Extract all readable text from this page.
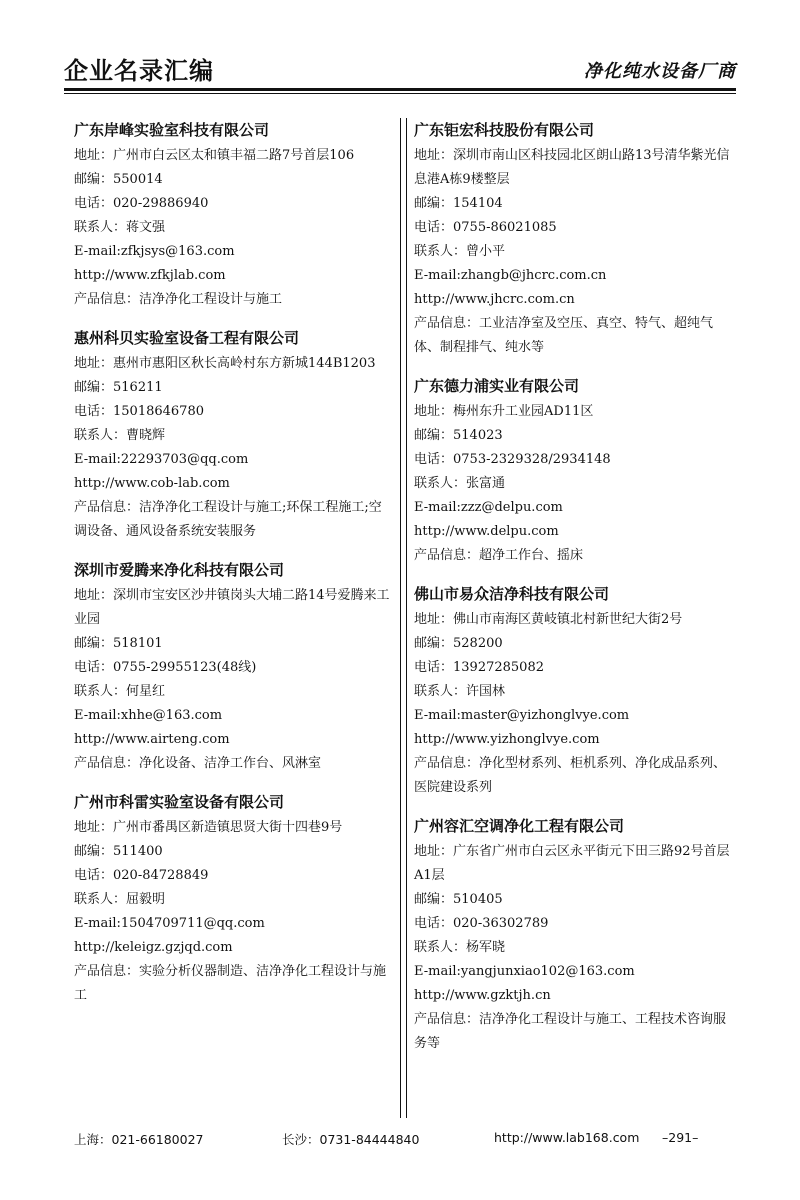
企业名录汇编	净化纯水设备厂商
广东岸峰实验室科技有限公司
地址：广州市白云区太和镇丰福二路7号首层106
邮编：550014
电话：020-29886940
联系人：蒋文强
E-mail:zfkjsys@163.com
http://www.zfkjlab.com
产品信息：洁净净化工程设计与施工
惠州科贝实验室设备工程有限公司
地址：惠州市惠阳区秋长高岭村东方新城144B1203
邮编：516211
电话：15018646780
联系人：曹晓辉
E-mail:22293703@qq.com
http://www.cob-lab.com
产品信息：洁净净化工程设计与施工;环保工程施工;空调设备、通风设备系统安装服务
深圳市爱腾来净化科技有限公司
地址：深圳市宝安区沙井镇岗头大埔二路14号爱腾来工业园
邮编：518101
电话：0755-29955123(48线)
联系人：何星红
E-mail:xhhe@163.com
http://www.airteng.com
产品信息：净化设备、洁净工作台、风淋室
广州市科雷实验室设备有限公司
地址：广州市番禺区新造镇思贤大街十四巷9号
邮编：511400
电话：020-84728849
联系人：屈毅明
E-mail:1504709711@qq.com
http://keleigz.gzjqd.com
产品信息：实验分析仪器制造、洁净净化工程设计与施工
广东钜宏科技股份有限公司
地址：深圳市南山区科技园北区朗山路13号清华紫光信息港A栋9楼整层
邮编：154104
电话：0755-86021085
联系人：曾小平
E-mail:zhangb@jhcrc.com.cn
http://www.jhcrc.com.cn
产品信息：工业洁净室及空压、真空、特气、超纯气体、制程排气、纯水等
广东德力浦实业有限公司
地址：梅州东升工业园AD11区
邮编：514023
电话：0753-2329328/2934148
联系人：张富通
E-mail:zzz@delpu.com
http://www.delpu.com
产品信息：超净工作台、摇床
佛山市易众洁净科技有限公司
地址：佛山市南海区黄岐镇北村新世纪大街2号
邮编：528200
电话：13927285082
联系人：许国林
E-mail:master@yizhonglvye.com
http://www.yizhonglvye.com
产品信息：净化型材系列、柜机系列、净化成品系列、医院建设系列
广州容汇空调净化工程有限公司
地址：广东省广州市白云区永平街元下田三路92号首层A1层
邮编：510405
电话：020-36302789
联系人：杨军晓
E-mail:yangjunxiao102@163.com
http://www.gzktjh.cn
产品信息：洁净净化工程设计与施工、工程技术咨询服务等
上海：021-66180027	长沙：0731-84444840	http://www.lab168.com –291–
